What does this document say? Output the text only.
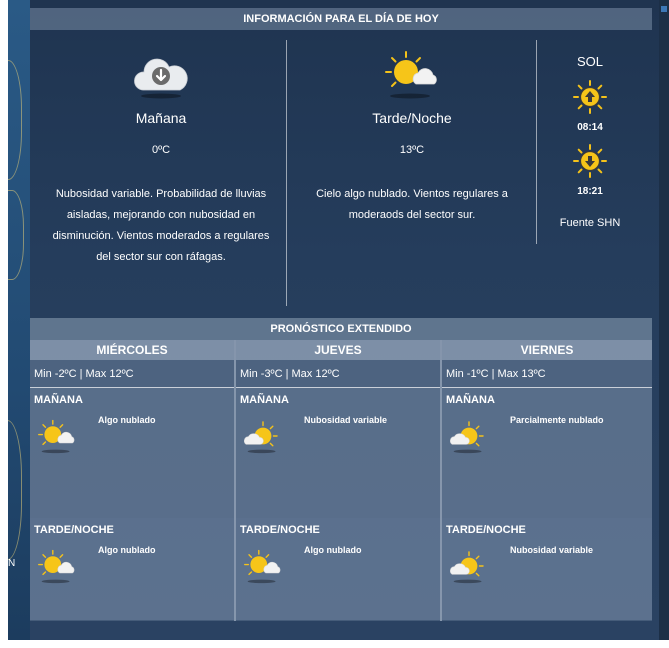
N
INFORMACIÓN PARA EL DÍA DE HOY
Mañana
0ºC
Nubosidad variable. Probabilidad de lluvias aisladas, mejorando con nubosidad en disminución. Vientos moderados a regulares del sector sur con ráfagas.
Tarde/Noche
13ºC
Cielo algo nublado. Vientos regulares a moderaods del sector sur.
SOL
08:14
18:21
Fuente SHN
PRONÓSTICO EXTENDIDO
MIÉRCOLES
Min -2ºC | Max 12ºC
MAÑANA
Algo nublado
TARDE/NOCHE
Algo nublado
JUEVES
Min -3ºC | Max 12ºC
MAÑANA
Nubosidad variable
TARDE/NOCHE
Algo nublado
VIERNES
Min -1ºC | Max 13ºC
MAÑANA
Parcialmente nublado
TARDE/NOCHE
Nubosidad variable
